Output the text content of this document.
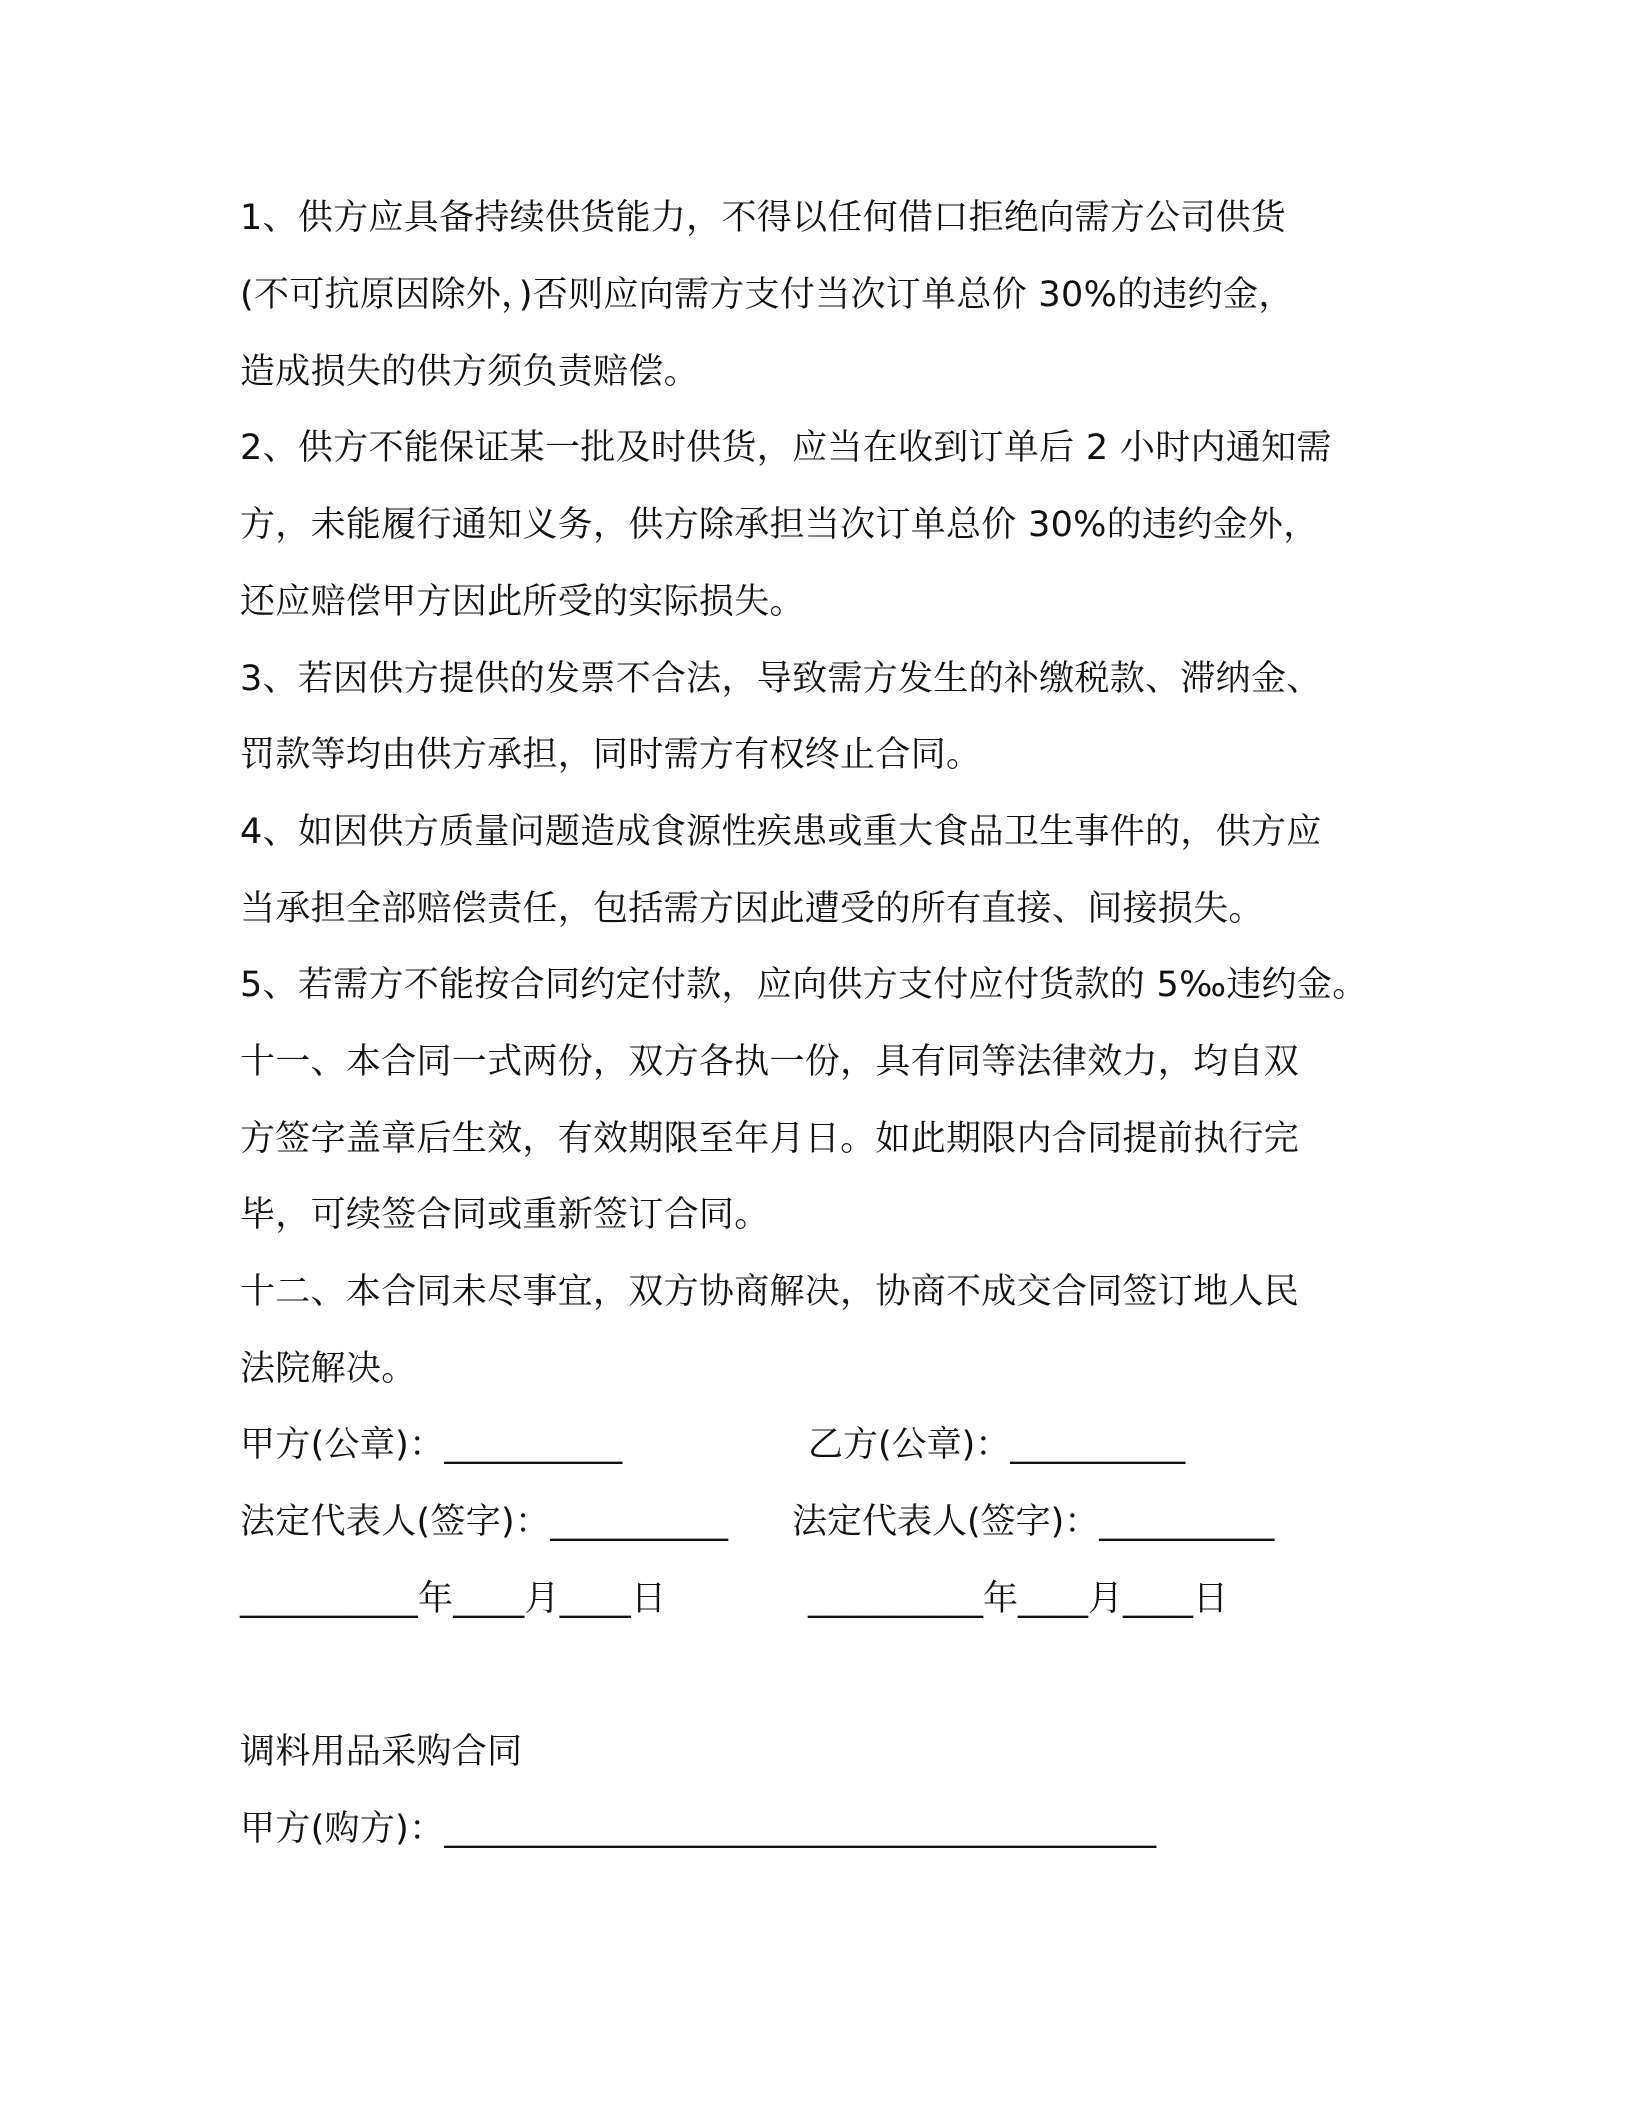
1、供方应具备持续供货能力，不得以任何借口拒绝向需方公司供货
(不可抗原因除外，)否则应向需方支付当次订单总价 30%的违约金，
造成损失的供方须负责赔偿。
2、供方不能保证某一批及时供货，应当在收到订单后 2 小时内通知需
方，未能履行通知义务，供方除承担当次订单总价 30%的违约金外，
还应赔偿甲方因此所受的实际损失。
3、若因供方提供的发票不合法，导致需方发生的补缴税款、滞纳金、
罚款等均由供方承担，同时需方有权终止合同。
4、如因供方质量问题造成食源性疾患或重大食品卫生事件的，供方应
当承担全部赔偿责任，包括需方因此遭受的所有直接、间接损失。
5、若需方不能按合同约定付款，应向供方支付应付货款的 5‰违约金。
十一、本合同一式两份，双方各执一份，具有同等法律效力，均自双
方签字盖章后生效，有效期限至年月日。如此期限内合同提前执行完
毕，可续签合同或重新签订合同。
十二、本合同未尽事宜，双方协商解决，协商不成交合同签订地人民
法院解决。
甲方(公章)：__________	乙方(公章)：__________
法定代表人(签字)：__________ 法定代表人(签字)：__________
__________年____月____日	__________年____月____日
调料用品采购合同
甲方(购方)：________________________________________
